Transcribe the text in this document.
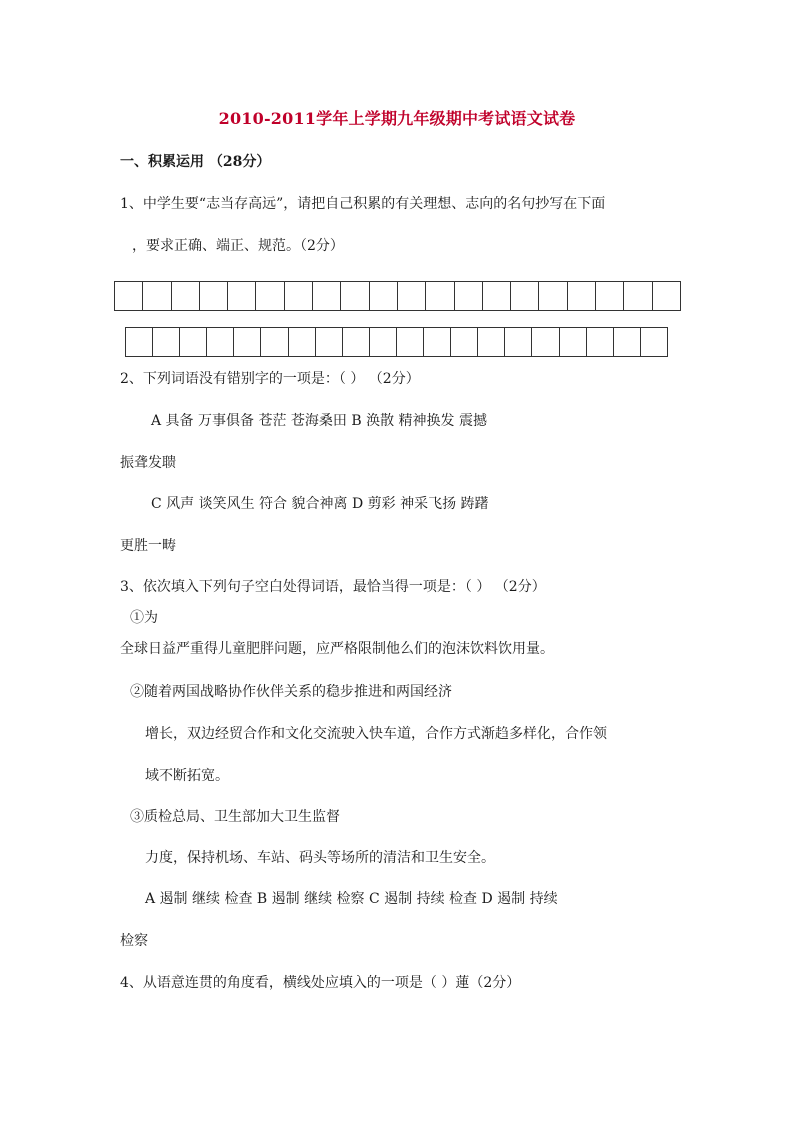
2010-2011学年上学期九年级期中考试语文试卷
一、积累运用 （28分）
1、中学生要“志当存高远”，请把自己积累的有关理想、志向的名句抄写在下面
，要求正确、端正、规范。（2分）
2、下列词语没有错别字的一项是：（ ） （2分）
A 具备 万事俱备 苍茫 苍海桑田 B 涣散 精神换发 震撼
振聋发聩
C 风声 谈笑风生 符合 貌合神离 D 剪彩 神采飞扬 踌躇
更胜一畴
3、依次填入下列句子空白处得词语，最恰当得一项是：（ ） （2分）
①为
全球日益严重得儿童肥胖问题，应严格限制他么们的泡沫饮料饮用量。
②随着两国战略协作伙伴关系的稳步推进和两国经济
增长，双边经贸合作和文化交流驶入快车道，合作方式渐趋多样化，合作领
域不断拓宽。
③质检总局、卫生部加大卫生监督
力度，保持机场、车站、码头等场所的清洁和卫生安全。
A 遏制 继续 检查 B 遏制 继续 检察 C 遏制 持续 检查 D 遏制 持续
检察
4、从语意连贯的角度看，横线处应填入的一项是（ ）蓮（2分）
